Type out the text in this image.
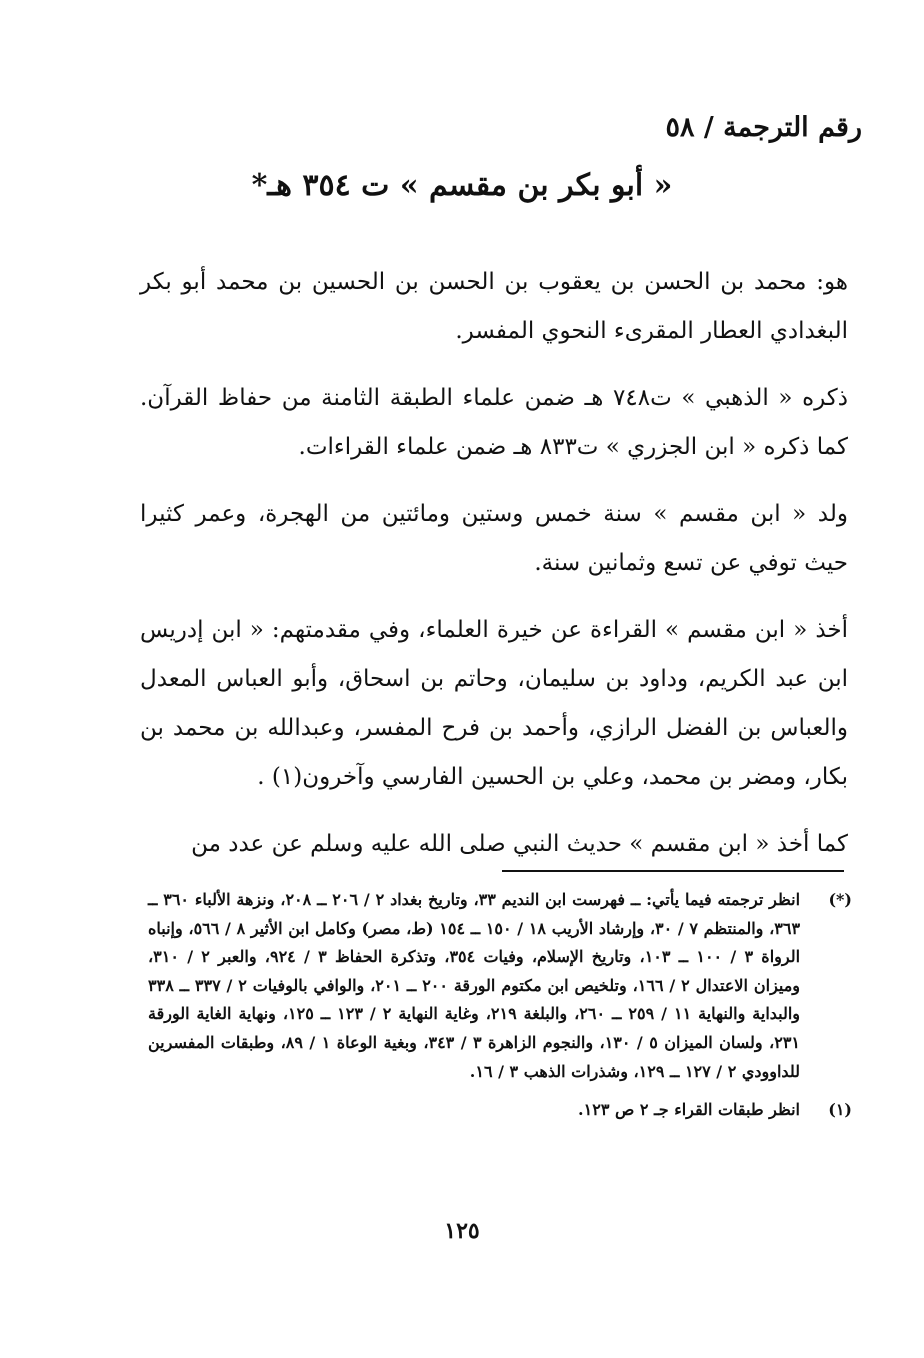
رقم الترجمة / ٥٨
« أبو بكر بن مقسم » ت ٣٥٤ هـ*

هو: محمد بن الحسن بن يعقوب بن الحسن بن الحسين بن محمد أبو بكر البغدادي العطار المقرىء النحوي المفسر.

ذكره « الذهبي » ت٧٤٨ هـ ضمن علماء الطبقة الثامنة من حفاظ القرآن. كما ذكره « ابن الجزري » ت٨٣٣ هـ ضمن علماء القراءات.

ولد « ابن مقسم » سنة خمس وستين ومائتين من الهجرة، وعمر كثيرا حيث توفي عن تسع وثمانين سنة.

أخذ « ابن مقسم » القراءة عن خيرة العلماء، وفي مقدمتهم: « ابن إدريس ابن عبد الكريم، وداود بن سليمان، وحاتم بن اسحاق، وأبو العباس المعدل والعباس بن الفضل الرازي، وأحمد بن فرح المفسر، وعبدالله بن محمد بن بكار، ومضر بن محمد، وعلي بن الحسين الفارسي وآخرون(١) .

كما أخذ « ابن مقسم » حديث النبي صلى الله عليه وسلم عن عدد من

(*)
انظر ترجمته فيما يأتي: ــ فهرست ابن النديم ٣٣، وتاريخ بغداد ٢ / ٢٠٦ ــ ٢٠٨، ونزهة الألباء ٣٦٠ ــ ٣٦٣، والمنتظم ٧ / ٣٠، وإرشاد الأريب ١٨ / ١٥٠ ــ ١٥٤ (ط، مصر) وكامل ابن الأثير ٨ / ٥٦٦، وإنباه الرواة ٣ / ١٠٠ ــ ١٠٣، وتاريخ الإسلام، وفيات ٣٥٤، وتذكرة الحفاظ ٣ / ٩٢٤، والعبر ٢ / ٣١٠، وميزان الاعتدال ٢ / ١٦٦، وتلخيص ابن مكتوم الورقة ٢٠٠ ــ ٢٠١، والوافي بالوفيات ٢ / ٣٣٧ ــ ٣٣٨ والبداية والنهاية ١١ / ٢٥٩ ــ ٢٦٠، والبلغة ٢١٩، وغاية النهاية ٢ / ١٢٣ ــ ١٢٥، ونهاية الغاية الورقة ٢٣١، ولسان الميزان ٥ / ١٣٠، والنجوم الزاهرة ٣ / ٣٤٣، وبغية الوعاة ١ / ٨٩، وطبقات المفسرين للداوودي ٢ / ١٢٧ ــ ١٢٩، وشذرات الذهب ٣ / ١٦.
(١)
انظر طبقات القراء جـ ٢ ص ١٢٣.
١٢٥
